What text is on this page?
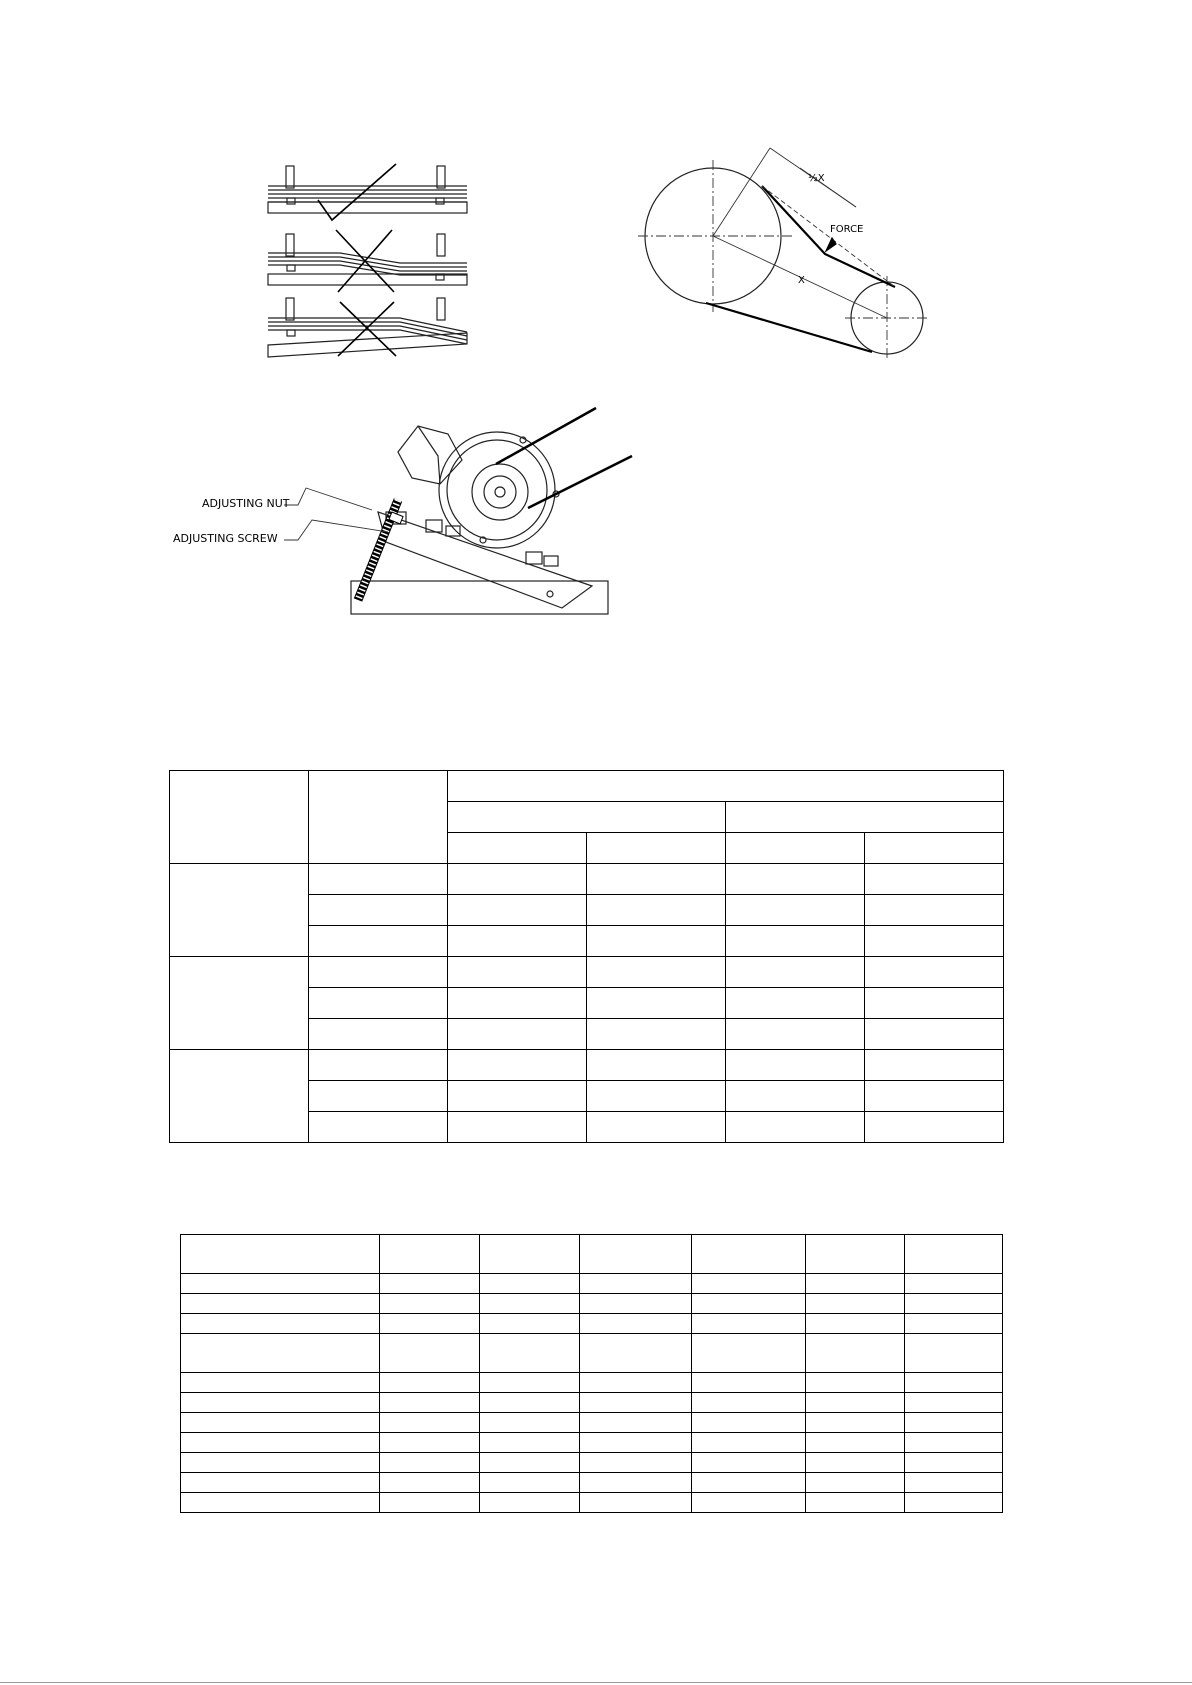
½X
FORCE
X
ADJUSTING NUT
ADJUSTING SCREW
